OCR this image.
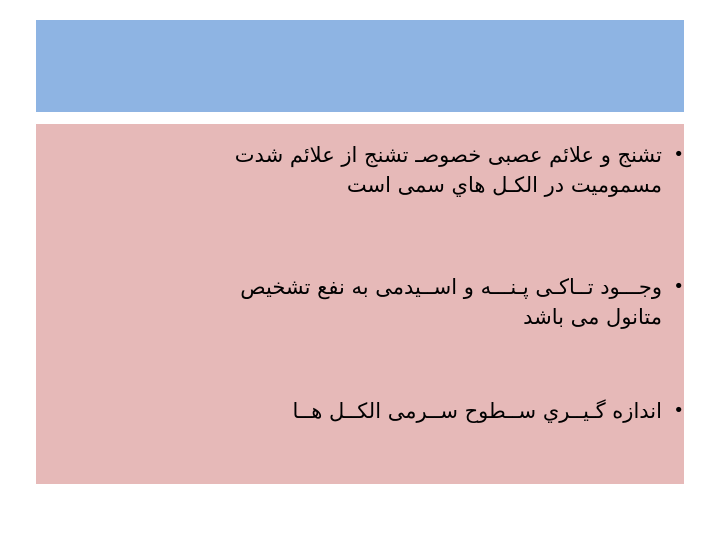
•
تشنج و علائم عصبی خصوصـ تشنج از علائم شدت
مسمومیت در الکـل هاي سمی است
•
وجـــود تــاکـی پـنـــه و اســیدمی به نفع تشخیص
متانول می باشد
•
اندازه گـیــري ســطوح ســرمی الکــل هــا
